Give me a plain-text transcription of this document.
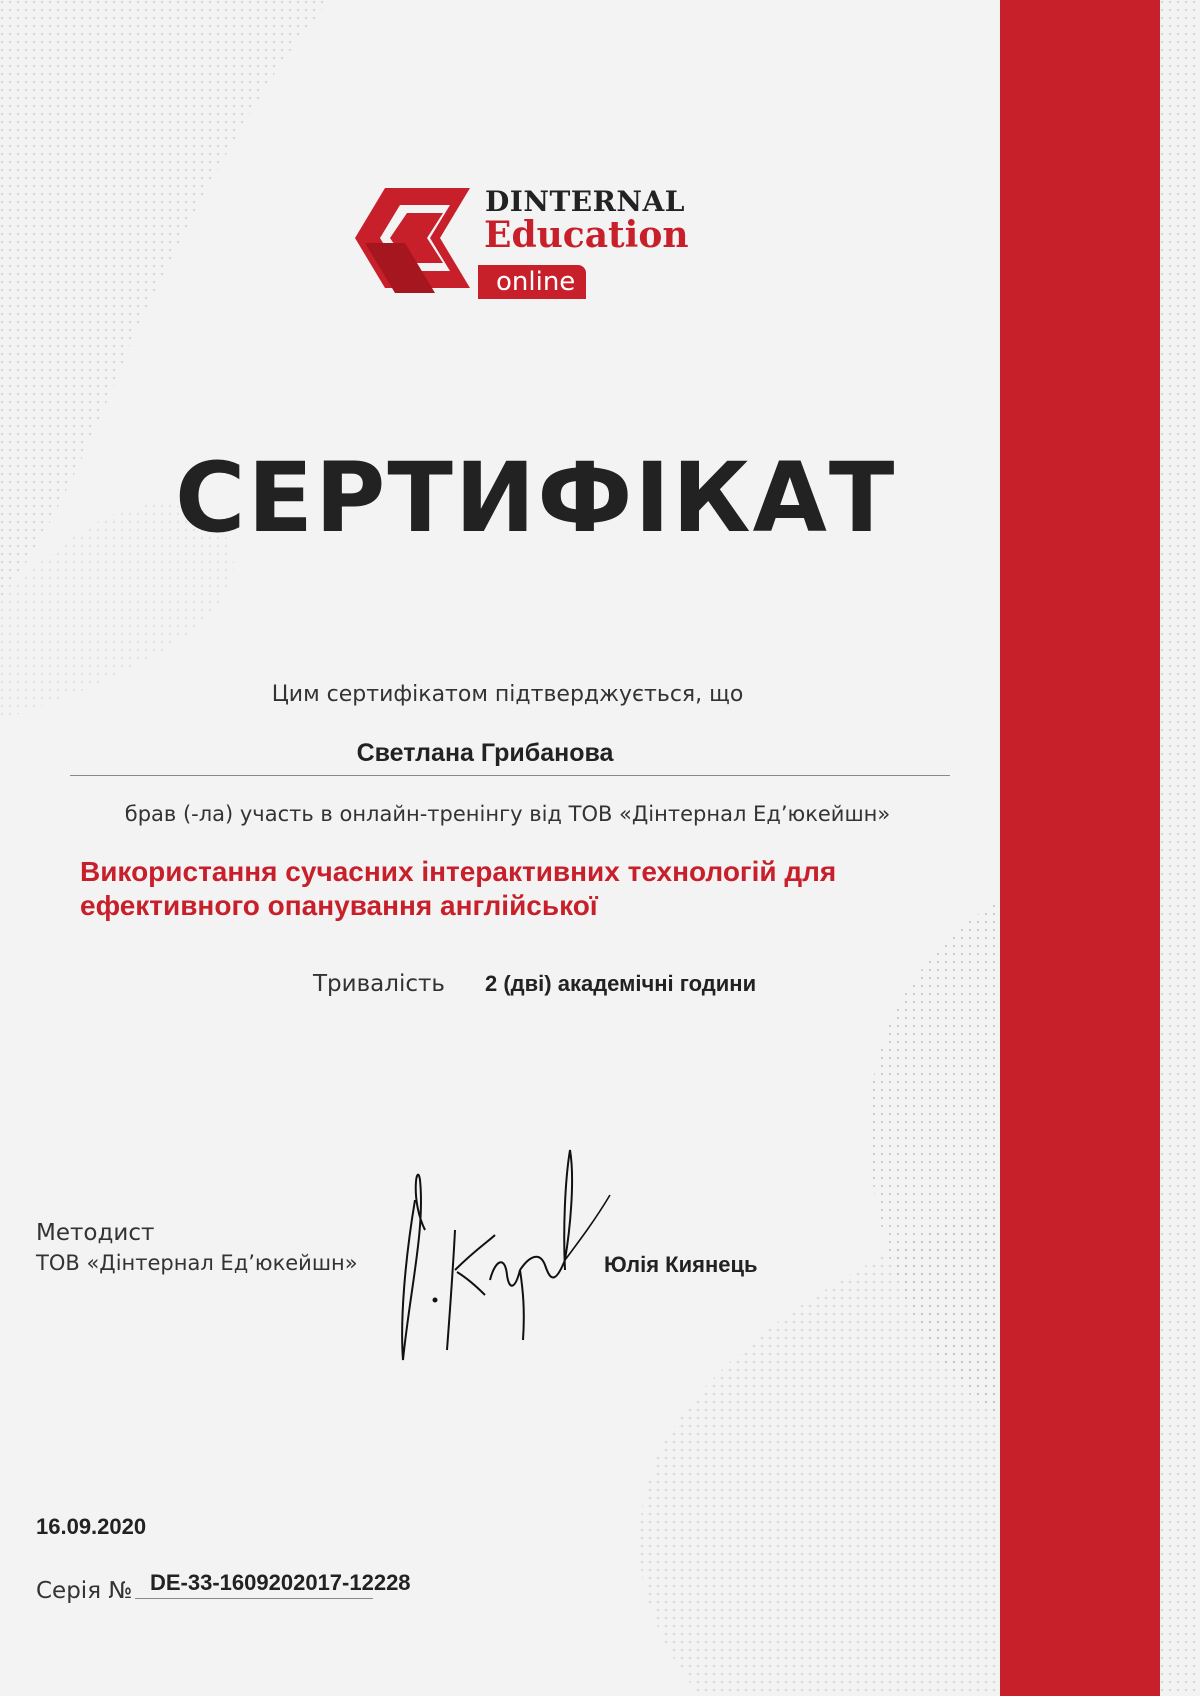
DINTERNAL
Education
online
СЕРТИФІКАТ
Цим сертифікатом підтверджується, що
Светлана Грибанова
брав (-ла) участь в онлайн-тренінгу від ТОВ «Дінтернал Ед’юкейшн»
Використання сучасних інтерактивних технологій для
ефективного опанування англійської
Тривалість 2 (дві) академічні години
Методист
ТОВ «Дінтернал Ед’юкейшн»	Юлія Киянець
16.09.2020
Серія № DE-33-1609202017-12228
